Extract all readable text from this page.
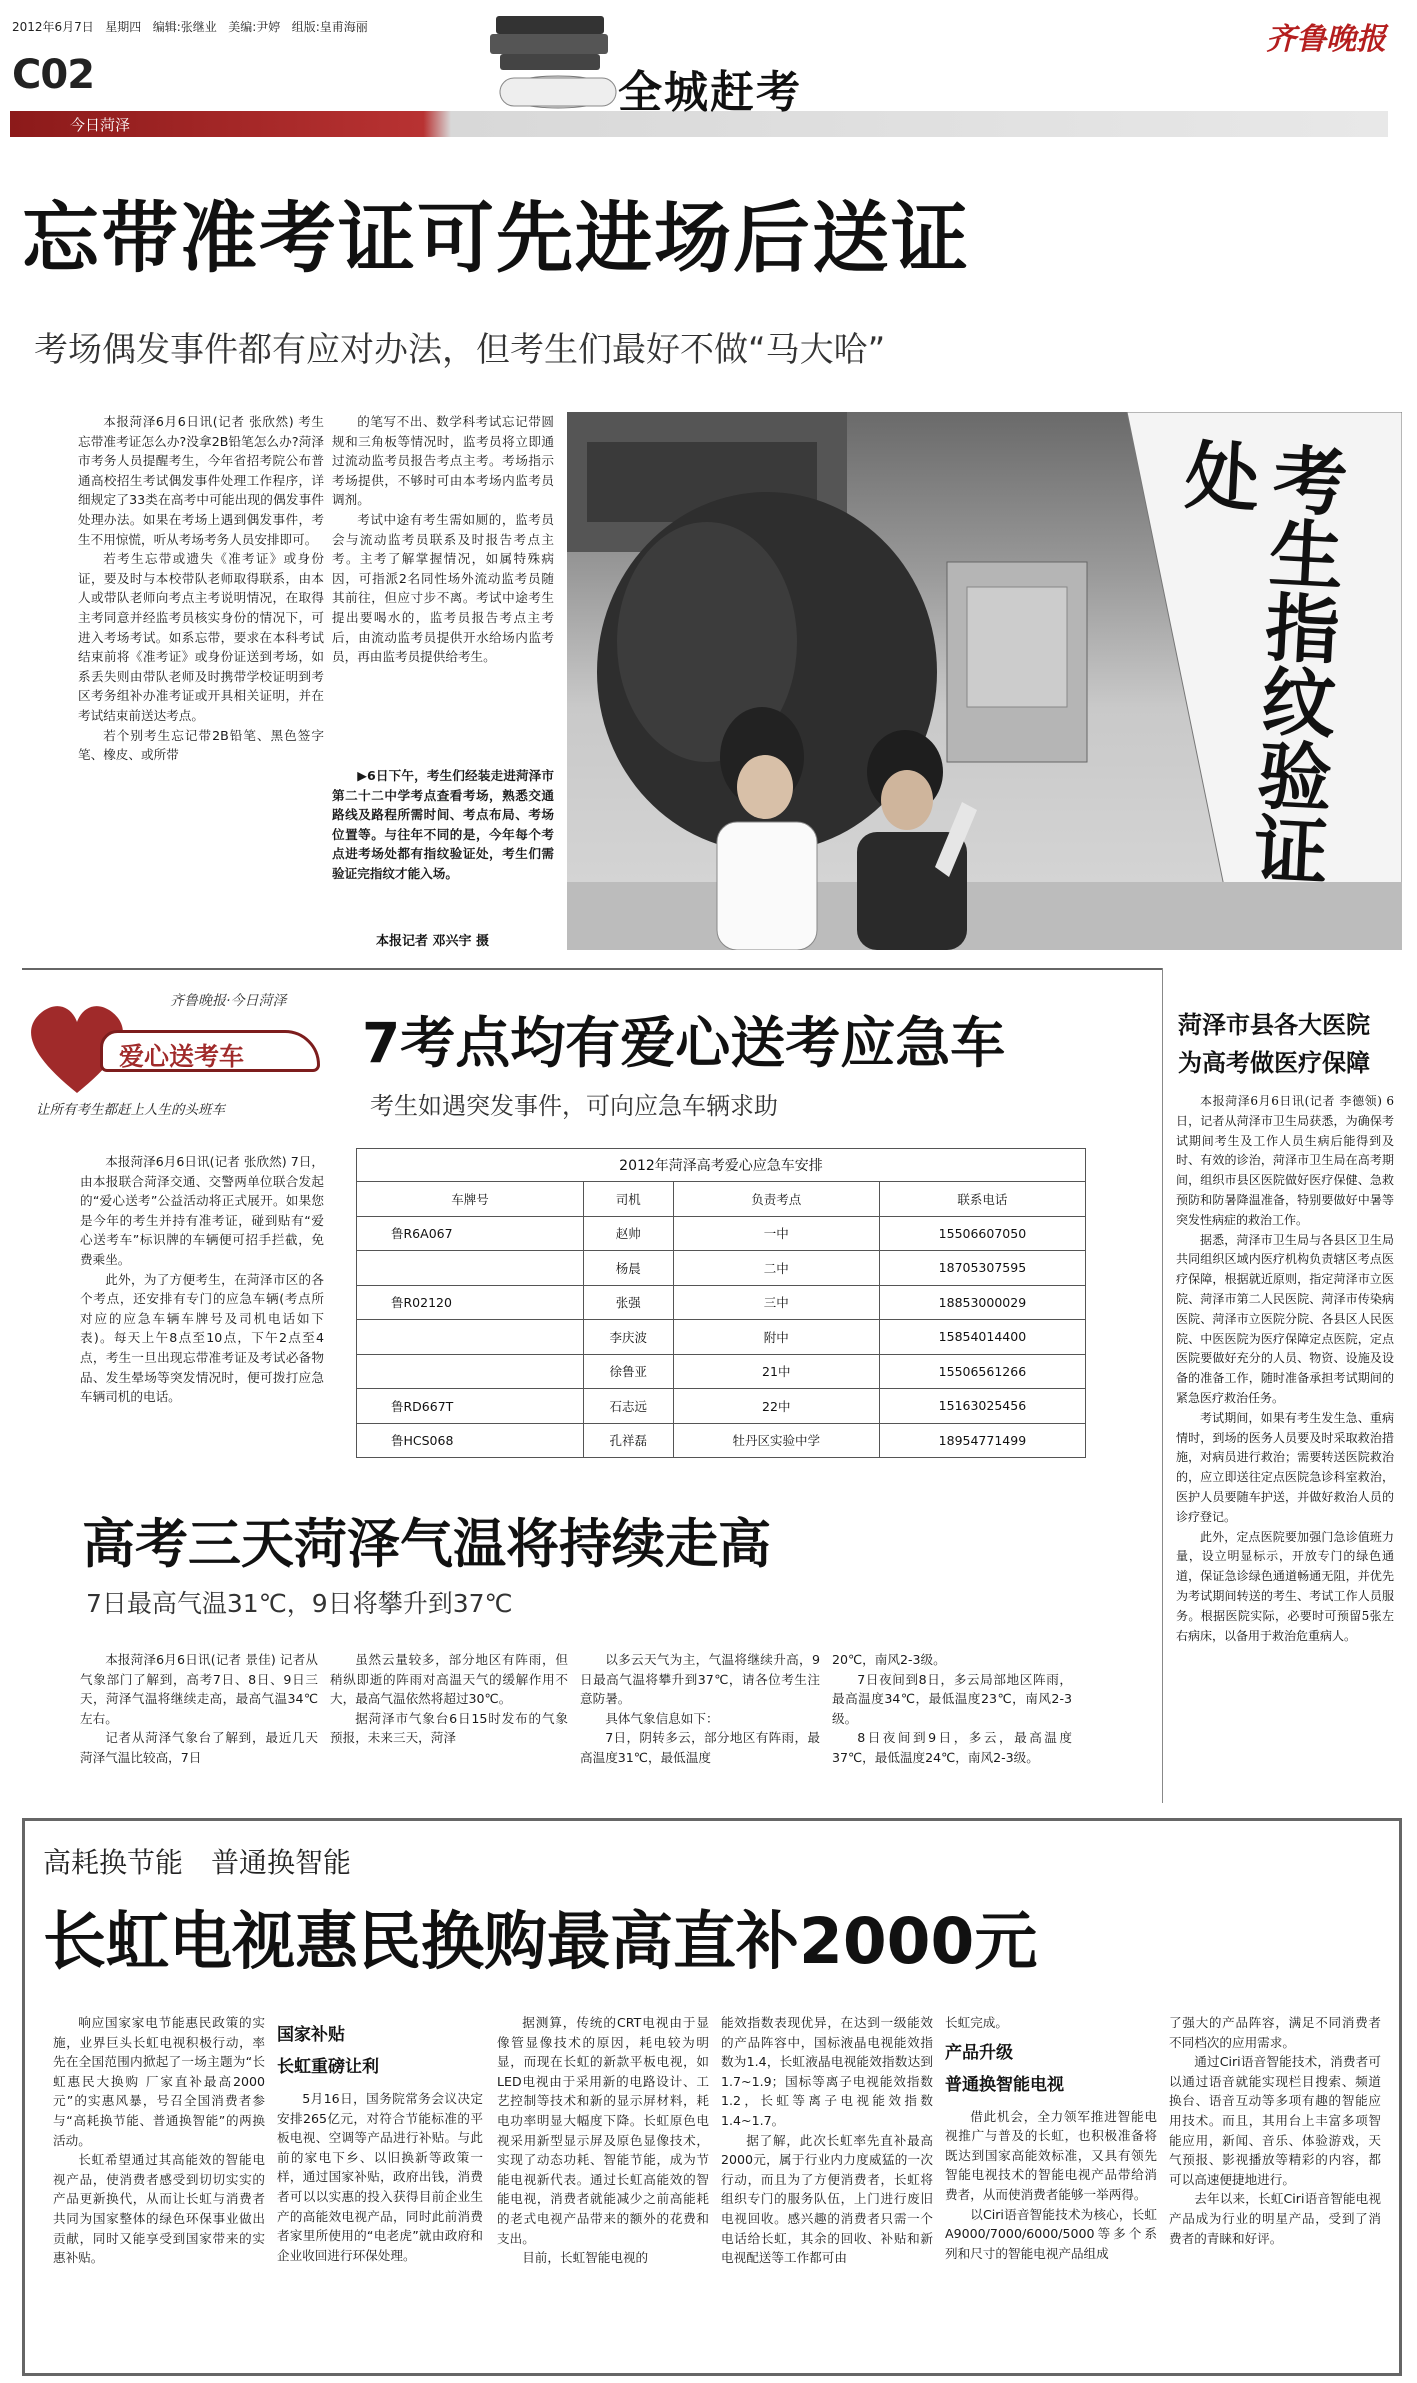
2012年6月7日 星期四 编辑:张继业 美编:尹婷 组版:皇甫海丽
C02
今日菏泽
全城赶考
齐鲁晚报
忘带准考证可先进场后送证
考场偶发事件都有应对办法，但考生们最好不做“马大哈”

本报菏泽6月6日讯(记者 张欣然) 考生忘带准考证怎么办?没拿2B铅笔怎么办?菏泽市考务人员提醒考生，今年省招考院公布普通高校招生考试偶发事件处理工作程序，详细规定了33类在高考中可能出现的偶发事件处理办法。如果在考场上遇到偶发事件，考生不用惊慌，听从考场考务人员安排即可。

若考生忘带或遗失《准考证》或身份证，要及时与本校带队老师取得联系，由本人或带队老师向考点主考说明情况，在取得主考同意并经监考员核实身份的情况下，可进入考场考试。如系忘带，要求在本科考试结束前将《准考证》或身份证送到考场，如系丢失则由带队老师及时携带学校证明到考区考务组补办准考证或开具相关证明，并在考试结束前送达考点。

若个别考生忘记带2B铅笔、黑色签字笔、橡皮、或所带

的笔写不出、数学科考试忘记带圆规和三角板等情况时，监考员将立即通过流动监考员报告考点主考。考场指示考场提供，不够时可由本考场内监考员调剂。

考试中途有考生需如厕的，监考员会与流动监考员联系及时报告考点主考。主考了解掌握情况，如属特殊病因，可指派2名同性场外流动监考员随其前往，但应寸步不离。考试中途考生提出要喝水的，监考员报告考点主考后，由流动监考员提供开水给场内监考员，再由监考员提供给考生。

▶6日下午，考生们经装走进菏泽市第二十二中学考点查看考场，熟悉交通路线及路程所需时间、考点布局、考场位置等。与往年不同的是，今年每个考点进考场处都有指纹验证处，考生们需验证完指纹才能入场。

本报记者 邓兴宇 摄
考生指纹验证处
齐鲁晚报·今日菏泽
爱心送考车
让所有考生都赶上人生的头班车
7考点均有爱心送考应急车
考生如遇突发事件，可向应急车辆求助

本报菏泽6月6日讯(记者 张欣然) 7日，由本报联合菏泽交通、交警两单位联合发起的“爱心送考”公益活动将正式展开。如果您是今年的考生并持有准考证，碰到贴有“爱心送考车”标识牌的车辆便可招手拦截，免费乘坐。

此外，为了方便考生，在菏泽市区的各个考点，还安排有专门的应急车辆(考点所对应的应急车辆车牌号及司机电话如下表)。每天上午8点至10点，下午2点至4点，考生一旦出现忘带准考证及考试必备物品、发生晕场等突发情况时，便可拨打应急车辆司机的电话。

2012年菏泽高考爱心应急车安排
车牌号	司机	负责考点	联系电话
鲁R6A067	赵帅	一中	15506607050
	杨晨	二中	18705307595
鲁R02120	张强	三中	18853000029
	李庆波	附中	15854014400
	徐鲁亚	21中	15506561266
鲁RD667T	石志远	22中	15163025456
鲁HCS068	孔祥磊	牡丹区实验中学	18954771499
菏泽市县各大医院
为高考做医疗保障

本报菏泽6月6日讯(记者 李德领) 6日，记者从菏泽市卫生局获悉，为确保考试期间考生及工作人员生病后能得到及时、有效的诊治，菏泽市卫生局在高考期间，组织市县区医院做好医疗保健、急救预防和防暑降温准备，特别要做好中暑等突发性病症的救治工作。

据悉，菏泽市卫生局与各县区卫生局共同组织区域内医疗机构负责辖区考点医疗保障，根据就近原则，指定菏泽市立医院、菏泽市第二人民医院、菏泽市传染病医院、菏泽市立医院分院、各县区人民医院、中医医院为医疗保障定点医院，定点医院要做好充分的人员、物资、设施及设备的准备工作，随时准备承担考试期间的紧急医疗救治任务。

考试期间，如果有考生发生急、重病情时，到场的医务人员要及时采取救治措施，对病员进行救治；需要转送医院救治的，应立即送往定点医院急诊科室救治，医护人员要随车护送，并做好救治人员的诊疗登记。

此外，定点医院要加强门急诊值班力量，设立明显标示，开放专门的绿色通道，保证急诊绿色通道畅通无阻，并优先为考试期间转送的考生、考试工作人员服务。根据医院实际，必要时可预留5张左右病床，以备用于救治危重病人。

高考三天菏泽气温将持续走高
7日最高气温31℃，9日将攀升到37℃

本报菏泽6月6日讯(记者 景佳) 记者从气象部门了解到，高考7日、8日、9日三天，菏泽气温将继续走高，最高气温34℃左右。

记者从菏泽气象台了解到，最近几天菏泽气温比较高，7日

虽然云量较多，部分地区有阵雨，但稍纵即逝的阵雨对高温天气的缓解作用不大，最高气温依然将超过30℃。

据菏泽市气象台6日15时发布的气象预报，未来三天，菏泽

以多云天气为主，气温将继续升高，9日最高气温将攀升到37℃，请各位考生注意防暑。

具体气象信息如下：

7日，阴转多云，部分地区有阵雨，最高温度31℃，最低温度

20℃，南风2-3级。

7日夜间到8日，多云局部地区阵雨，最高温度34℃，最低温度23℃，南风2-3级。

8日夜间到9日，多云，最高温度37℃，最低温度24℃，南风2-3级。

高耗换节能　普通换智能
长虹电视惠民换购最高直补2000元

响应国家家电节能惠民政策的实施，业界巨头长虹电视积极行动，率先在全国范围内掀起了一场主题为“长虹惠民大换购 厂家直补最高2000元”的实惠风暴，号召全国消费者参与“高耗换节能、普通换智能”的两换活动。

长虹希望通过其高能效的智能电视产品，使消费者感受到切切实实的产品更新换代，从而让长虹与消费者共同为国家整体的绿色环保事业做出贡献，同时又能享受到国家带来的实惠补贴。

国家补贴
长虹重磅让利

5月16日，国务院常务会议决定安排265亿元，对符合节能标准的平板电视、空调等产品进行补贴。与此前的家电下乡、以旧换新等政策一样，通过国家补贴，政府出钱，消费者可以以实惠的投入获得目前企业生产的高能效电视产品，同时此前消费者家里所使用的“电老虎”就由政府和企业收回进行环保处理。

据测算，传统的CRT电视由于显像管显像技术的原因，耗电较为明显，而现在长虹的新款平板电视，如LED电视由于采用新的电路设计、工艺控制等技术和新的显示屏材料，耗电功率明显大幅度下降。长虹原色电视采用新型显示屏及原色显像技术，实现了动态功耗、智能节能，成为节能电视新代表。通过长虹高能效的智能电视，消费者就能减少之前高能耗的老式电视产品带来的额外的花费和支出。

目前，长虹智能电视的

能效指数表现优异，在达到一级能效的产品阵容中，国标液晶电视能效指数为1.4，长虹液晶电视能效指数达到1.7~1.9；国标等离子电视能效指数1.2，长虹等离子电视能效指数1.4~1.7。

据了解，此次长虹率先直补最高2000元，属于行业内力度威猛的一次行动，而且为了方便消费者，长虹将组织专门的服务队伍，上门进行废旧电视回收。感兴趣的消费者只需一个电话给长虹，其余的回收、补贴和新电视配送等工作都可由

长虹完成。

产品升级
普通换智能电视

借此机会，全力领军推进智能电视推广与普及的长虹，也积极准备将既达到国家高能效标准，又具有领先智能电视技术的智能电视产品带给消费者，从而使消费者能够一举两得。

以Ciri语音智能技术为核心，长虹A9000/7000/6000/5000等多个系列和尺寸的智能电视产品组成

了强大的产品阵容，满足不同消费者不同档次的应用需求。

通过Ciri语音智能技术，消费者可以通过语音就能实现栏目搜索、频道换台、语音互动等多项有趣的智能应用技术。而且，其用台上丰富多项智能应用，新闻、音乐、体验游戏，天气预报、影视播放等精彩的内容，都可以高速便捷地进行。

去年以来，长虹Ciri语音智能电视产品成为行业的明星产品，受到了消费者的青睐和好评。
